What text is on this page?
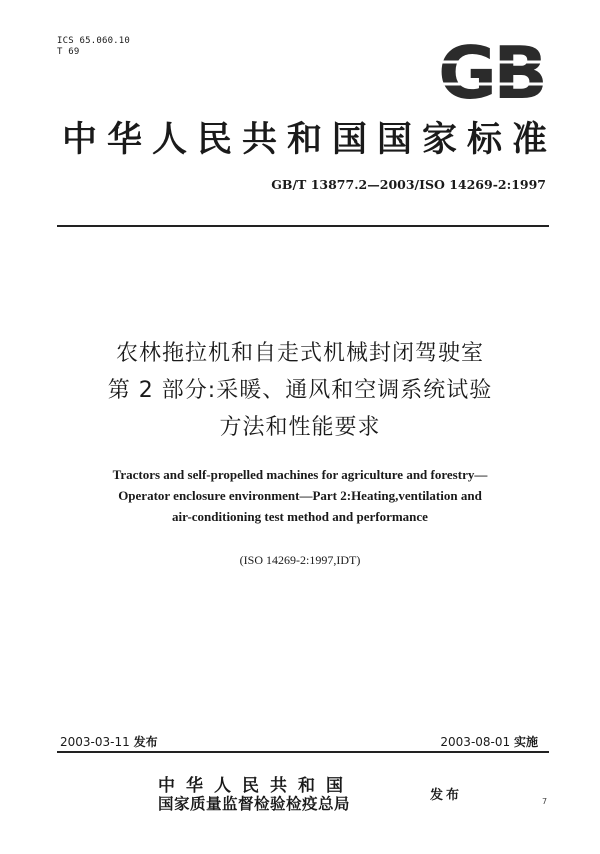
ICS 65.060.10
T 69	GB
中华人民共和国国家标准
GB/T 13877.2—2003/ISO 14269-2:1997
农林拖拉机和自走式机械封闭驾驶室
第 2 部分:采暖、通风和空调系统试验
方法和性能要求
Tractors and self-propelled machines for agriculture and forestry—
Operator enclosure environment—Part 2:Heating,ventilation and
air-conditioning test method and performance
(ISO 14269-2:1997,IDT)
2003-03-11 发布	2003-08-01 实施
中华人民共和国
国家质量监督检验检疫总局	发布	7
